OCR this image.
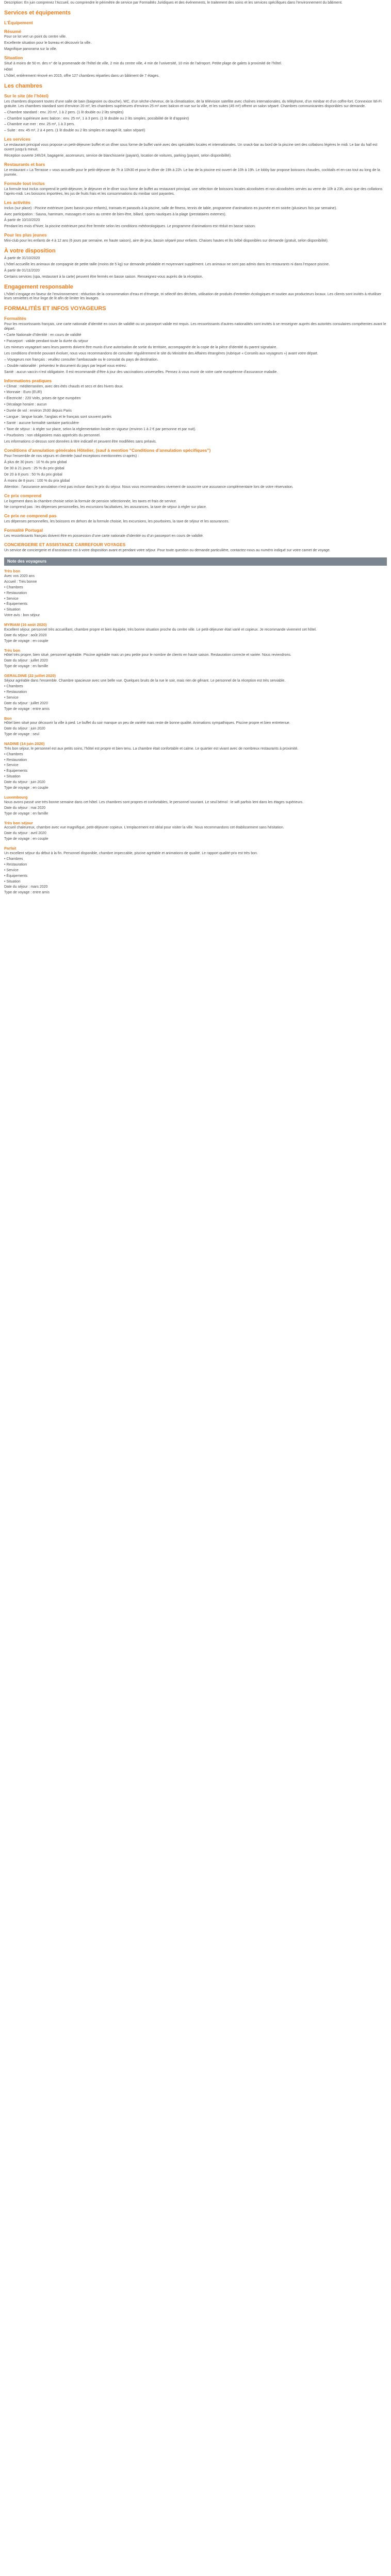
Description: En juin comprenez l’Accueil, ou comprendre le périmètre de service par Formalités Juridiques et des événements, le traitement des soins et les services spécifiques dans l’environnement du bâtiment.

Services et équipements
L’Équipement
Résumé

Pour ce lot vert un point du centre ville.

Excellente situation pour le bureau et découvrir la ville.

Magnifique panorama sur la ville.

Situation

Situé à moins de 50 m. des n° de la promenade de l’hôtel de ville, 2 min du centre ville, 4 min de l’université, 10 min de l’aéroport. Petite plage de galets à proximité de l’hôtel.

Hôtel

L’hôtel, entièrement rénové en 2015, offre 127 chambres réparties dans un bâtiment de 7 étages.

Les chambres
Sur le site (de l’hôtel)

Les chambres disposent toutes d’une salle de bain (baignoire ou douche), WC, d’un sèche-cheveux, de la climatisation, de la télévision satellite avec chaînes internationales, du téléphone, d’un minibar et d’un coffre-fort. Connexion Wi-Fi gratuite. Les chambres standard sont d’environ 20 m², les chambres supérieures d’environ 25 m² avec balcon et vue sur la ville, et les suites (45 m²) offrent un salon séparé. Chambres communicantes disponibles sur demande.

– Chambre standard : env. 20 m², 1 à 2 pers. (1 lit double ou 2 lits simples)

– Chambre supérieure avec balcon : env. 25 m², 1 à 3 pers. (1 lit double ou 2 lits simples, possibilité de lit d’appoint)

– Chambre vue mer : env. 25 m², 1 à 3 pers.

– Suite : env. 45 m², 2 à 4 pers. (1 lit double ou 2 lits simples et canapé-lit, salon séparé)

Les services

Le restaurant principal vous propose un petit-déjeuner buffet et un dîner sous forme de buffet varié avec des spécialités locales et internationales. Un snack-bar au bord de la piscine sert des collations légères le midi. Le bar du hall est ouvert jusqu’à minuit.

Réception ouverte 24h/24, bagagerie, ascenseurs, service de blanchisserie (payant), location de voitures, parking (payant, selon disponibilité).

Restaurants et bars

Le restaurant « La Terrasse » vous accueille pour le petit-déjeuner de 7h à 10h30 et pour le dîner de 19h à 22h. Le bar de la piscine est ouvert de 10h à 19h. Le lobby bar propose boissons chaudes, cocktails et en-cas tout au long de la journée.

Formule tout inclus

La formule tout inclus comprend le petit-déjeuner, le déjeuner et le dîner sous forme de buffet au restaurant principal, une sélection de boissons locales alcoolisées et non alcoolisées servies au verre de 10h à 23h, ainsi que des collations l’après-midi. Les boissons importées, les jus de fruits frais et les consommations du minibar sont payantes.

Les activités

Inclus (sur place) : Piscine extérieure (avec bassin pour enfants), transats et parasols à la piscine, salle de fitness, tennis de table, programme d’animations en journée et en soirée (plusieurs fois par semaine).

Avec participation : Sauna, hammam, massages et soins au centre de bien-être, billard, sports nautiques à la plage (prestataires externes).

À partir de 10/10/2020

Pendant les mois d’hiver, la piscine extérieure peut être fermée selon les conditions météorologiques. Le programme d’animations est réduit en basse saison.

Pour les plus jeunes

Mini-club pour les enfants de 4 à 12 ans (6 jours par semaine, en haute saison), aire de jeux, bassin séparé pour enfants. Chaises hautes et lits bébé disponibles sur demande (gratuit, selon disponibilité).

À votre disposition

À partir de 31/10/2020

L’hôtel accueille les animaux de compagnie de petite taille (moins de 5 kg) sur demande préalable et moyennant supplément. Les animaux ne sont pas admis dans les restaurants ni dans l’espace piscine.

À partir de 01/11/2020

Certains services (spa, restaurant à la carte) peuvent être fermés en basse saison. Renseignez-vous auprès de la réception.

Engagement responsable

L’hôtel s’engage en faveur de l’environnement : réduction de la consommation d’eau et d’énergie, tri sélectif des déchets, utilisation de produits d’entretien écologiques et soutien aux producteurs locaux. Les clients sont invités à réutiliser leurs serviettes et leur linge de lit afin de limiter les lavages.

FORMALITÉS ET INFOS VOYAGEURS
Formalités

Pour les ressortissants français, une carte nationale d’identité en cours de validité ou un passeport valide est requis. Les ressortissants d’autres nationalités sont invités à se renseigner auprès des autorités consulaires compétentes avant le départ.

• Carte Nationale d’Identité : en cours de validité

• Passeport : valide pendant toute la durée du séjour

Les mineurs voyageant sans leurs parents doivent être munis d’une autorisation de sortie du territoire, accompagnée de la copie de la pièce d’identité du parent signataire.

Les conditions d’entrée pouvant évoluer, nous vous recommandons de consulter régulièrement le site du Ministère des Affaires étrangères (rubrique « Conseils aux voyageurs ») avant votre départ.

– Voyageurs non français : veuillez consulter l’ambassade ou le consulat du pays de destination.

– Double nationalité : présentez le document du pays par lequel vous entrez.

Santé : aucun vaccin n’est obligatoire. Il est recommandé d’être à jour des vaccinations universelles. Pensez à vous munir de votre carte européenne d’assurance maladie.

Informations pratiques

• Climat : méditerranéen, avec des étés chauds et secs et des hivers doux.

• Monnaie : Euro (EUR)

• Électricité : 220 Volts, prises de type européen

• Décalage horaire : aucun

• Durée de vol : environ 2h30 depuis Paris

• Langue : langue locale, l’anglais et le français sont souvent parlés

• Santé : aucune formalité sanitaire particulière

• Taxe de séjour : à régler sur place, selon la réglementation locale en vigueur (environ 1 à 2 € par personne et par nuit).

• Pourboires : non obligatoires mais appréciés du personnel.

Les informations ci-dessus sont données à titre indicatif et peuvent être modifiées sans préavis.

Conditions d’annulation générales Hôtelier, (sauf à mention “Conditions d’annulation spécifiques”)

Pour l’ensemble de nos séjours et clientèle (sauf exceptions mentionnées ci-après) :

À plus de 30 jours : 10 % du prix global

De 30 à 21 jours : 25 % du prix global

De 20 à 8 jours : 50 % du prix global

À moins de 8 jours : 100 % du prix global

Attention : l’assurance annulation n’est pas incluse dans le prix du séjour. Nous vous recommandons vivement de souscrire une assurance complémentaire lors de votre réservation.

Ce prix comprend

Le logement dans la chambre choisie selon la formule de pension sélectionnée, les taxes et frais de service.

Ne comprend pas : les dépenses personnelles, les excursions facultatives, les assurances, la taxe de séjour à régler sur place.

Ce prix ne comprend pas

Les dépenses personnelles, les boissons en dehors de la formule choisie, les excursions, les pourboires, la taxe de séjour et les assurances.

Formalité Portugal

Les ressortissants français doivent être en possession d’une carte nationale d’identité ou d’un passeport en cours de validité.

CONCIERGERIE ET ASSISTANCE CARREFOUR VOYAGES

Un service de conciergerie et d’assistance est à votre disposition avant et pendant votre séjour. Pour toute question ou demande particulière, contactez-nous au numéro indiqué sur votre carnet de voyage.

Note des voyageurs
Très bon

Avec vos 2020 ans

Accueil : Très bonne

• Chambres

• Restauration

• Service

• Équipements

• Situation

Votre avis : bon séjour

MYRIAM (16 août 2020)

Excellent séjour, personnel très accueillant, chambre propre et bien équipée, très bonne situation proche du centre ville. Le petit-déjeuner était varié et copieux. Je recommande vivement cet hôtel.

Date du séjour : août 2020

Type de voyage : en couple

Très bon

Hôtel très propre, bien situé, personnel agréable. Piscine agréable mais un peu petite pour le nombre de clients en haute saison. Restauration correcte et variée. Nous reviendrons.

Date du séjour : juillet 2020

Type de voyage : en famille

GERALDINE (22 juillet 2020)

Séjour agréable dans l’ensemble. Chambre spacieuse avec une belle vue. Quelques bruits de la rue le soir, mais rien de gênant. Le personnel de la réception est très serviable.

• Chambres

• Restauration

• Service

Date du séjour : juillet 2020

Type de voyage : entre amis

Bon

Hôtel bien situé pour découvrir la ville à pied. Le buffet du soir manque un peu de variété mais reste de bonne qualité. Animations sympathiques. Piscine propre et bien entretenue.

Date du séjour : juin 2020

Type de voyage : seul

NADINE (14 juin 2020)

Très bon séjour, le personnel est aux petits soins, l’hôtel est propre et bien tenu. La chambre était confortable et calme. Le quartier est vivant avec de nombreux restaurants à proximité.

• Chambres

• Restauration

• Service

• Équipements

• Situation

Date du séjour : juin 2020

Type de voyage : en couple

Luxembourg

Nous avons passé une très bonne semaine dans cet hôtel. Les chambres sont propres et confortables, le personnel souriant. Le seul bémol : le wifi parfois lent dans les étages supérieurs.

Date du séjour : mai 2020

Type de voyage : en famille

Très bon séjour

Accueil chaleureux, chambre avec vue magnifique, petit-déjeuner copieux. L’emplacement est idéal pour visiter la ville. Nous recommandons cet établissement sans hésitation.

Date du séjour : avril 2020

Type de voyage : en couple

Parfait

Un excellent séjour du début à la fin. Personnel disponible, chambre impeccable, piscine agréable et animations de qualité. Le rapport qualité-prix est très bon.

• Chambres

• Restauration

• Service

• Équipements

• Situation

Date du séjour : mars 2020

Type de voyage : entre amis
